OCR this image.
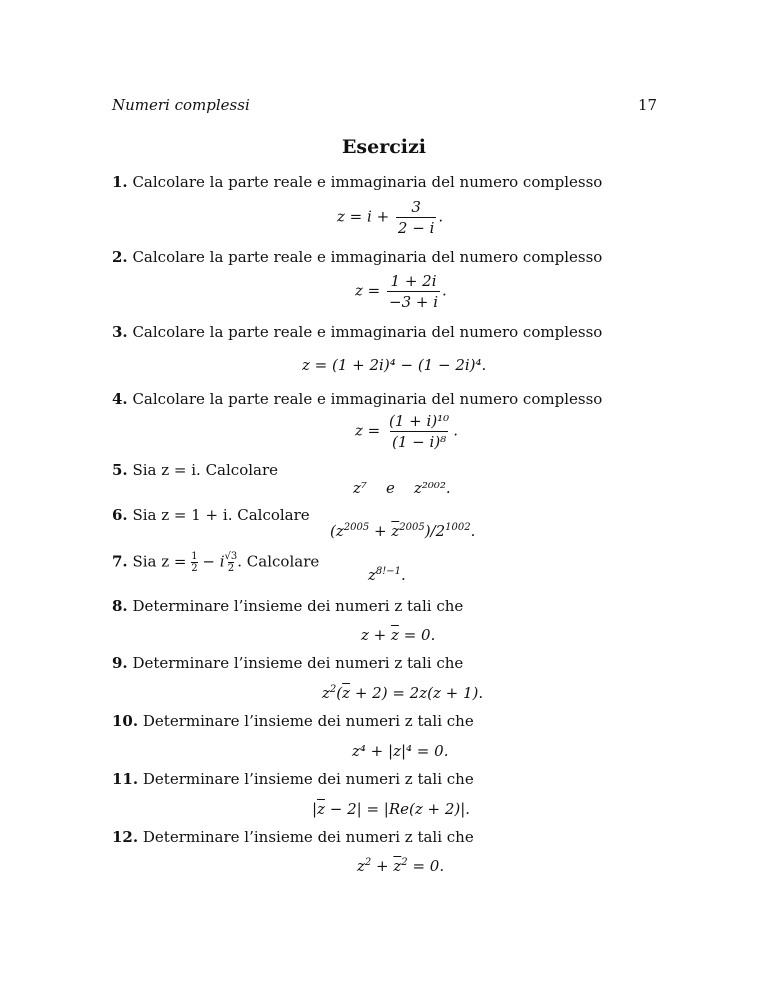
Numeri complessi	17
Esercizi
1. Calcolare la parte reale e immaginaria del numero complesso
$z = i + \frac{3}{2 - i}$ .
2. Calcolare la parte reale e immaginaria del numero complesso
$z = \frac{1 + 2i}{-3 + i}$ .
3. Calcolare la parte reale e immaginaria del numero complesso
z = (1 + 2i)⁴ − (1 − 2i)⁴.
4. Calcolare la parte reale e immaginaria del numero complesso
$z = \frac{\text{(1 + i)¹⁰}}{\text{(1 − i)⁸}}$ .
5. Sia z = i. Calcolare
z⁷    e    z²⁰⁰².
6. Sia z = 1 + i. Calcolare
$(z^{2005} + \overline{z}^{2005})/2^{1002}$.
7. Sia $z = \frac{1}{2} - i \frac{√3}{2}$ . Calcolare
$z^{8!-1}$.
8. Determinare l’insieme dei numeri z tali che
$z + \overline{z} = 0$.
9. Determinare l’insieme dei numeri z tali che
$z^2(\overline{z} + 2) = 2z(z + 1)$.
10. Determinare l’insieme dei numeri z tali che
z⁴ + |z|⁴ = 0.
11. Determinare l’insieme dei numeri z tali che
$|\overline{z} - 2| = |Re(z + 2)|$.
12. Determinare l’insieme dei numeri z tali che
$z^2 + \overline{z}^2 = 0$.
